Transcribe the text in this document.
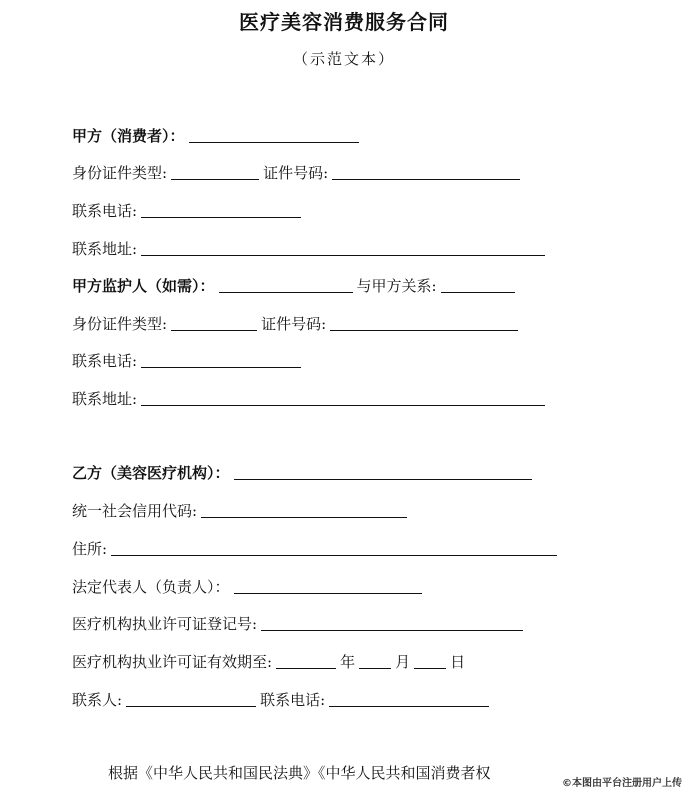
医疗美容消费服务合同
（示范文本）
甲方（消费者）：
身份证件类型:	证件号码:
联系电话:
联系地址:
甲方监护人（如需）：	与甲方关系:
身份证件类型:	证件号码:
联系电话:
联系地址:
乙方（美容医疗机构）：
统一社会信用代码:
住所:
法定代表人（负责人）：
医疗机构执业许可证登记号:
医疗机构执业许可证有效期至:	年	月	日
联系人:	联系电话:
根据《中华人民共和国民法典》《中华人民共和国消费者权
©本图由平台注册用户上传
